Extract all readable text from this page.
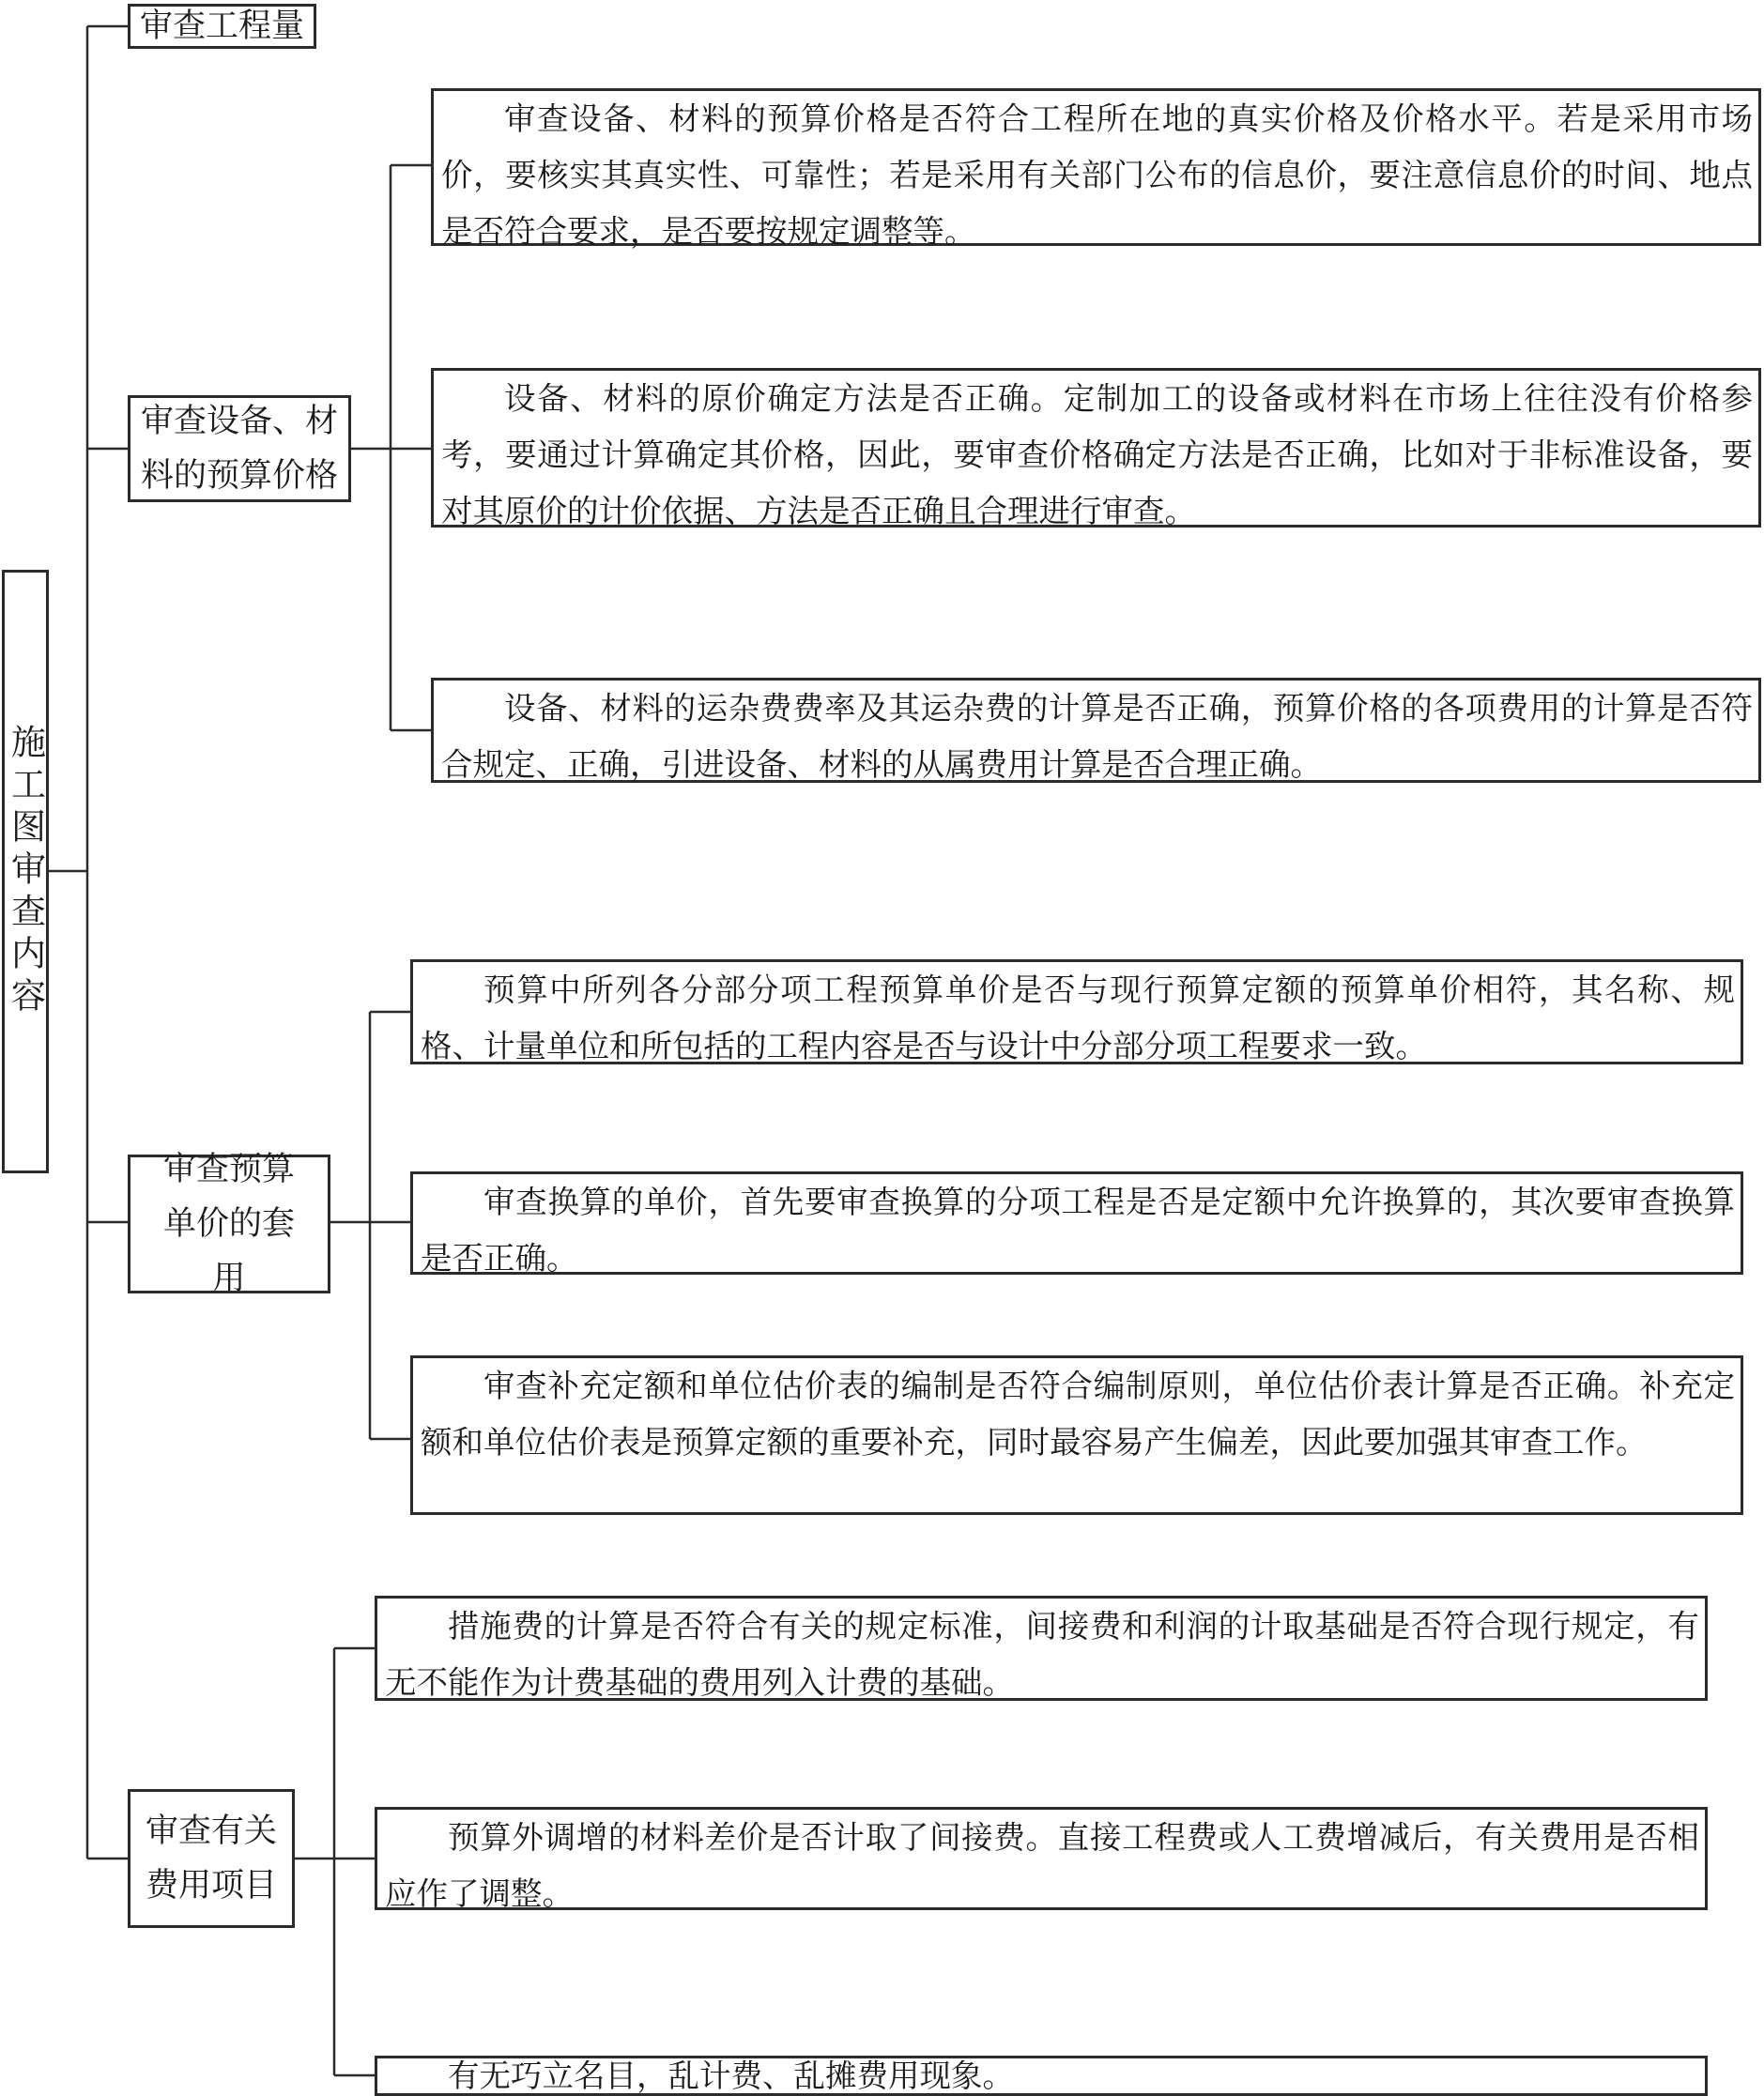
施工图审查内容
审查工程量
审查设备、材料的预算价格
审查预算单价的套用
审查有关费用项目
审查设备、材料的预算价格是否符合工程所在地的真实价格及价格水平。若是采用市场价，要核实其真实性、可靠性；若是采用有关部门公布的信息价，要注意信息价的时间、地点是否符合要求，是否要按规定调整等。
设备、材料的原价确定方法是否正确。定制加工的设备或材料在市场上往往没有价格参考，要通过计算确定其价格，因此，要审查价格确定方法是否正确，比如对于非标准设备，要对其原价的计价依据、方法是否正确且合理进行审查。
设备、材料的运杂费费率及其运杂费的计算是否正确，预算价格的各项费用的计算是否符合规定、正确，引进设备、材料的从属费用计算是否合理正确。
预算中所列各分部分项工程预算单价是否与现行预算定额的预算单价相符，其名称、规格、计量单位和所包括的工程内容是否与设计中分部分项工程要求一致。
审查换算的单价，首先要审查换算的分项工程是否是定额中允许换算的，其次要审查换算是否正确。
审查补充定额和单位估价表的编制是否符合编制原则，单位估价表计算是否正确。补充定额和单位估价表是预算定额的重要补充，同时最容易产生偏差，因此要加强其审查工作。
措施费的计算是否符合有关的规定标准，间接费和利润的计取基础是否符合现行规定，有无不能作为计费基础的费用列入计费的基础。
预算外调增的材料差价是否计取了间接费。直接工程费或人工费增减后，有关费用是否相应作了调整。
有无巧立名目，乱计费、乱摊费用现象。
